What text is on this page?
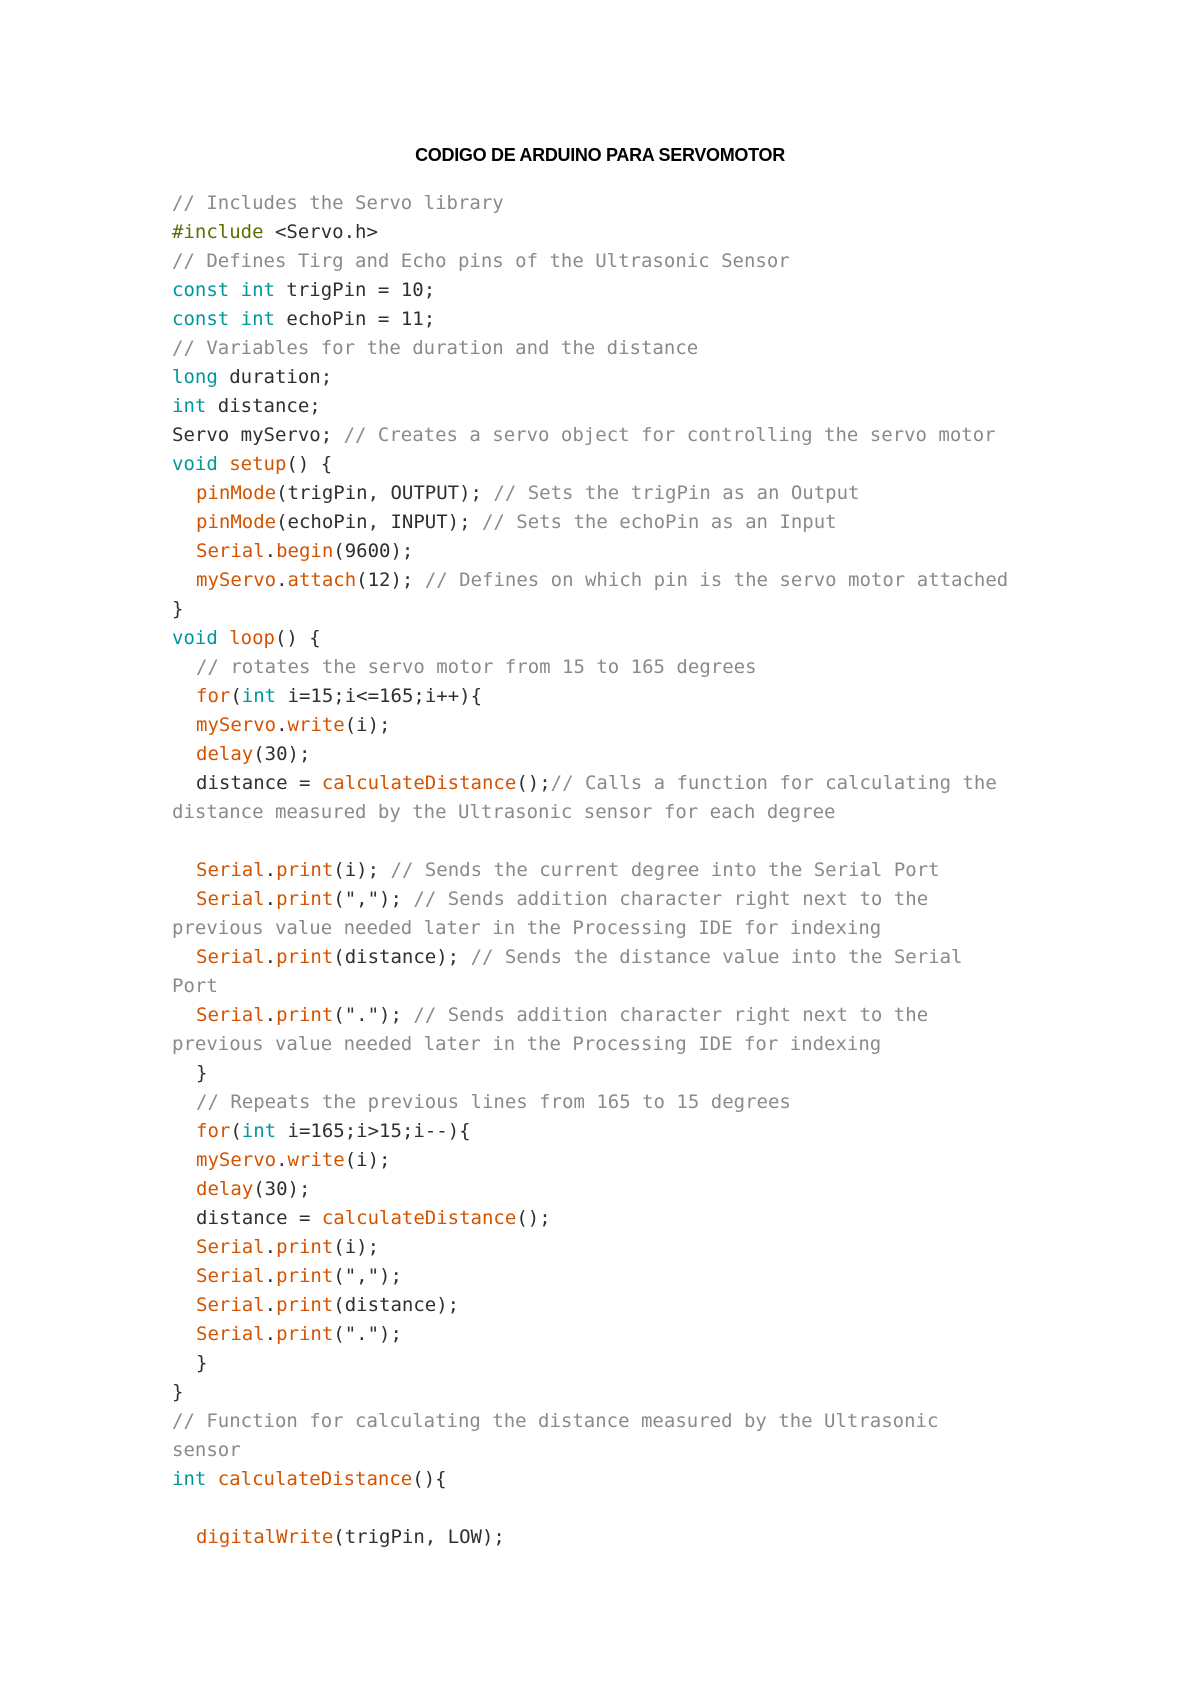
CODIGO DE ARDUINO PARA SERVOMOTOR
// Includes the Servo library
#include <Servo.h>
// Defines Tirg and Echo pins of the Ultrasonic Sensor
const int trigPin = 10;
const int echoPin = 11;
// Variables for the duration and the distance
long duration;
int distance;
Servo myServo; // Creates a servo object for controlling the servo motor
void setup() {
pinMode(trigPin, OUTPUT); // Sets the trigPin as an Output
pinMode(echoPin, INPUT); // Sets the echoPin as an Input
Serial.begin(9600);
myServo.attach(12); // Defines on which pin is the servo motor attached
}
void loop() {
// rotates the servo motor from 15 to 165 degrees
for(int i=15;i<=165;i++){
myServo.write(i);
delay(30);
distance = calculateDistance();// Calls a function for calculating the
distance measured by the Ultrasonic sensor for each degree
Serial.print(i); // Sends the current degree into the Serial Port
Serial.print(","); // Sends addition character right next to the
previous value needed later in the Processing IDE for indexing
Serial.print(distance); // Sends the distance value into the Serial
Port
Serial.print("."); // Sends addition character right next to the
previous value needed later in the Processing IDE for indexing
}
// Repeats the previous lines from 165 to 15 degrees
for(int i=165;i>15;i--){
myServo.write(i);
delay(30);
distance = calculateDistance();
Serial.print(i);
Serial.print(",");
Serial.print(distance);
Serial.print(".");
}
}
// Function for calculating the distance measured by the Ultrasonic
sensor
int calculateDistance(){
digitalWrite(trigPin, LOW);
